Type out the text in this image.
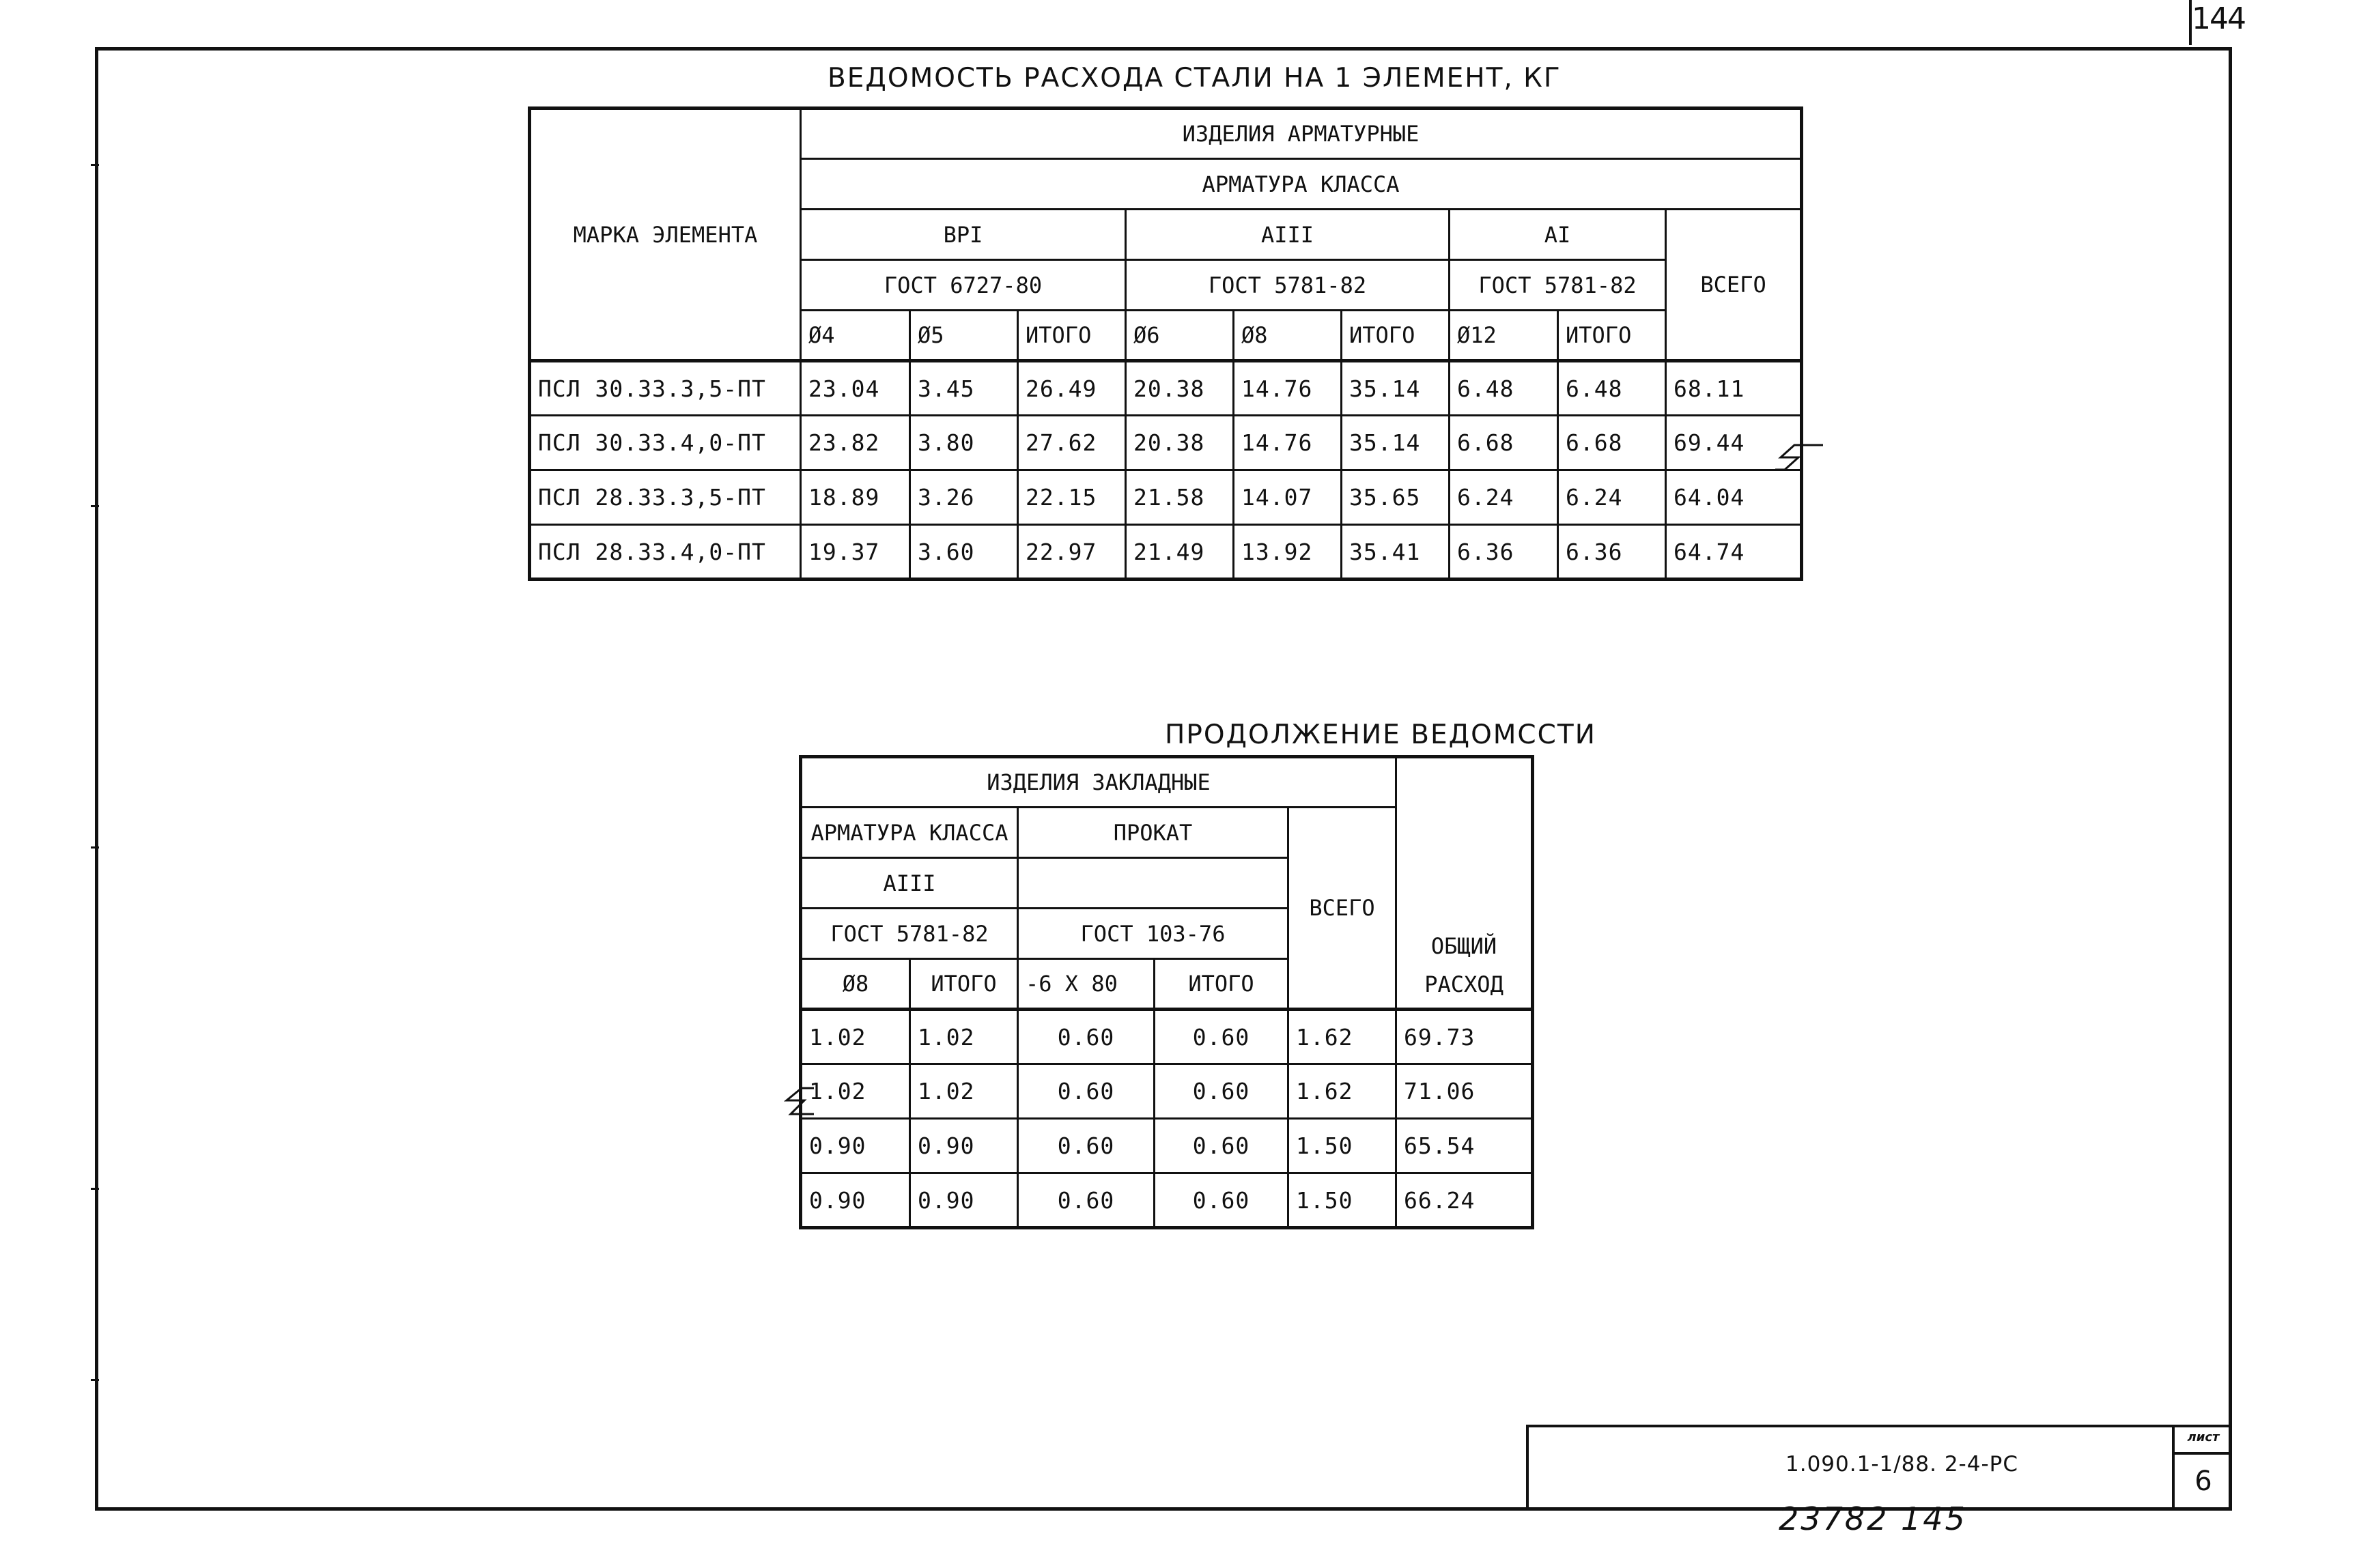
144
ВЕДОМОСТЬ РАСХОДА СТАЛИ НА 1 ЭЛЕМЕНТ, КГ
МАРКА ЭЛЕМЕНТА	ИЗДЕЛИЯ АРМАТУРНЫЕ								
	АРМАТУРА КЛАССА								
	ВРI			AIII			AI		ВСЕГО
	ГОСТ 6727-80			ГОСТ 5781-82			ГОСТ 5781-82		
	Ø4	Ø5	ИТОГО	Ø6	Ø8	ИТОГО	Ø12	ИТОГО	
ПСЛ 30.33.3,5-ПТ	23.04	3.45	26.49	20.38	14.76	35.14	6.48	6.48	68.11
ПСЛ 30.33.4,0-ПТ	23.82	3.80	27.62	20.38	14.76	35.14	6.68	6.68	69.44
ПСЛ 28.33.3,5-ПТ	18.89	3.26	22.15	21.58	14.07	35.65	6.24	6.24	64.04
ПСЛ 28.33.4,0-ПТ	19.37	3.60	22.97	21.49	13.92	35.41	6.36	6.36	64.74
ПРОДОЛЖЕНИЕ ВЕДОМССТИ
ИЗДЕЛИЯ ЗАКЛАДНЫЕ					ОБЩИЙ
РАСХОД

АРМАТУРА КЛАССА		ПРОКАТ		ВСЕГО	
AIII					
ГОСТ 5781-82		ГОСТ 103-76			
Ø8	ИТОГО	-6 X 80	ИТОГО		
1.02	1.02	0.60	0.60	1.62	69.73
1.02	1.02	0.60	0.60	1.62	71.06
0.90	0.90	0.60	0.60	1.50	65.54
0.90	0.90	0.60	0.60	1.50	66.24
1.090.1-1/88. 2-4-РС
лист
6
23782 145
